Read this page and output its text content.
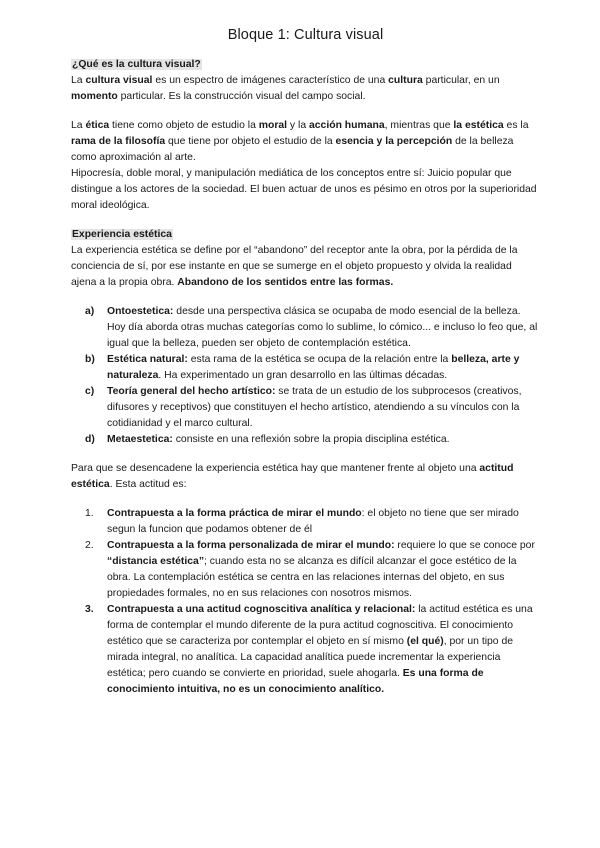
Bloque 1: Cultura visual

¿Qué es la cultura visual?

La cultura visual es un espectro de imágenes característico de una cultura particular, en un momento particular. Es la construcción visual del campo social.

La ética tiene como objeto de estudio la moral y la acción humana, mientras que la estética es la rama de la filosofía que tiene por objeto el estudio de la esencia y la percepción de la belleza como aproximación al arte.

Hipocresía, doble moral, y manipulación mediática de los conceptos entre sí: Juicio popular que distingue a los actores de la sociedad. El buen actuar de unos es pésimo en otros por la superioridad moral ideológica.

Experiencia estética

La experiencia estética se define por el “abandono” del receptor ante la obra, por la pérdida de la conciencia de sí, por ese instante en que se sumerge en el objeto propuesto y olvida la realidad ajena a la propia obra. Abandono de los sentidos entre las formas.

a) Ontoestetica: desde una perspectiva clásica se ocupaba de modo esencial de la belleza. Hoy día aborda otras muchas categorías como lo sublime, lo cómico... e incluso lo feo que, al igual que la belleza, pueden ser objeto de contemplación estética.
b) Estética natural: esta rama de la estética se ocupa de la relación entre la belleza, arte y naturaleza. Ha experimentado un gran desarrollo en las últimas décadas.
c) Teoría general del hecho artístico: se trata de un estudio de los subprocesos (creativos, difusores y receptivos) que constituyen el hecho artístico, atendiendo a su vínculos con la cotidianidad y el marco cultural.
d) Metaestetica: consiste en una reflexión sobre la propia disciplina estética.

Para que se desencadene la experiencia estética hay que mantener frente al objeto una actitud estética. Esta actitud es:

1. Contrapuesta a la forma práctica de mirar el mundo: el objeto no tiene que ser mirado segun la funcion que podamos obtener de él
2. Contrapuesta a la forma personalizada de mirar el mundo: requiere lo que se conoce por “distancia estética”; cuando esta no se alcanza es difícil alcanzar el goce estético de la obra. La contemplación estética se centra en las relaciones internas del objeto, en sus propiedades formales, no en sus relaciones con nosotros mismos.
3. Contrapuesta a una actitud cognoscitiva analítica y relacional: la actitud estética es una forma de contemplar el mundo diferente de la pura actitud cognoscitiva. El conocimiento estético que se caracteriza por contemplar el objeto en sí mismo (el qué), por un tipo de mirada integral, no analítica. La capacidad analítica puede incrementar la experiencia estética; pero cuando se convierte en prioridad, suele ahogarla. Es una forma de conocimiento intuitiva, no es un conocimiento analítico.
